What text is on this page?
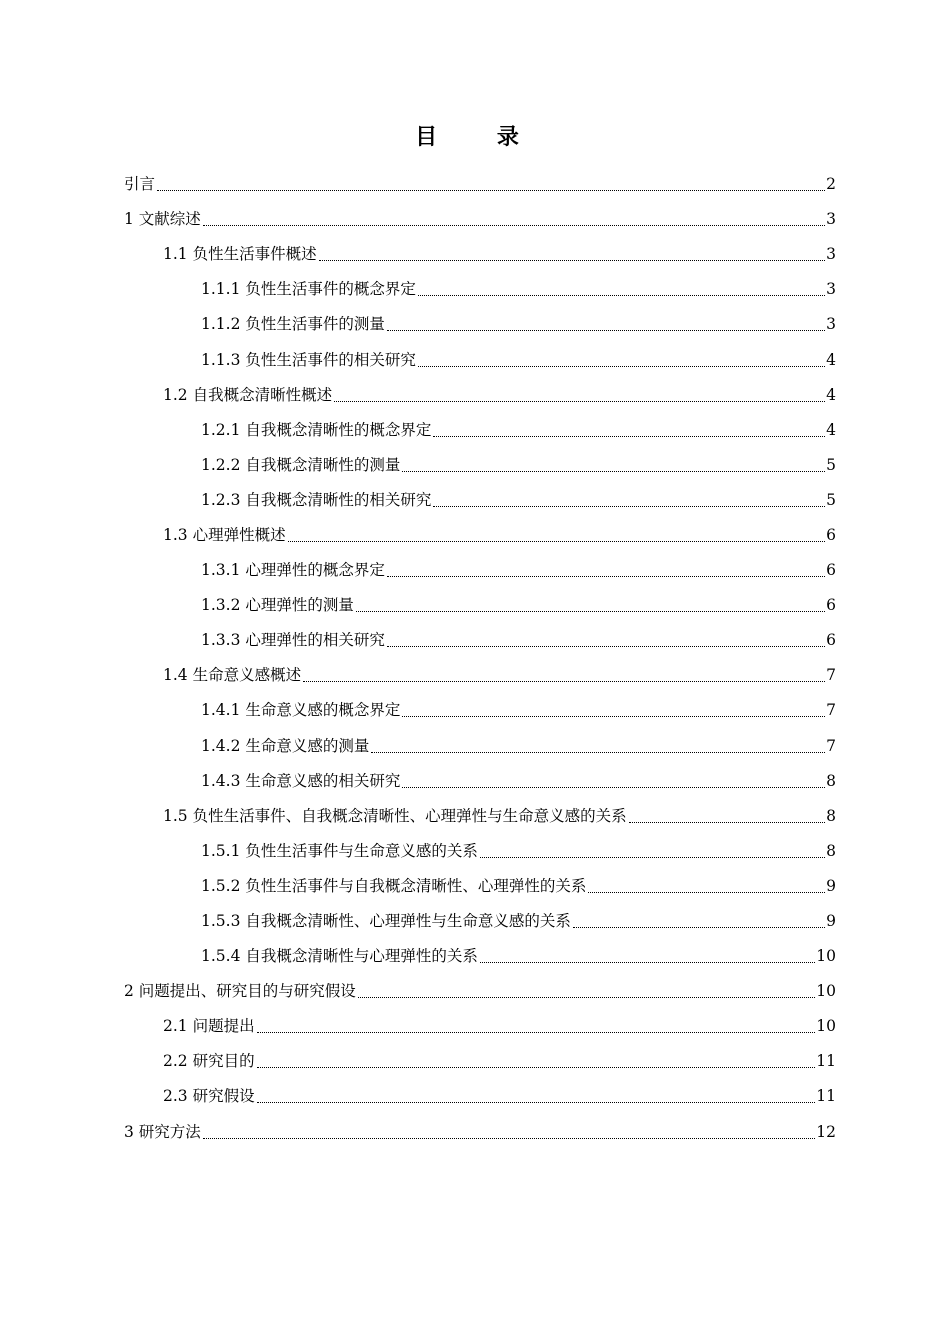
目 录
引言	2
1 文献综述	3
1.1 负性生活事件概述	3
1.1.1 负性生活事件的概念界定	3
1.1.2 负性生活事件的测量	3
1.1.3 负性生活事件的相关研究	4
1.2 自我概念清晰性概述	4
1.2.1 自我概念清晰性的概念界定	4
1.2.2 自我概念清晰性的测量	5
1.2.3 自我概念清晰性的相关研究	5
1.3 心理弹性概述	6
1.3.1 心理弹性的概念界定	6
1.3.2 心理弹性的测量	6
1.3.3 心理弹性的相关研究	6
1.4 生命意义感概述	7
1.4.1 生命意义感的概念界定	7
1.4.2 生命意义感的测量	7
1.4.3 生命意义感的相关研究	8
1.5 负性生活事件、自我概念清晰性、心理弹性与生命意义感的关系	8
1.5.1 负性生活事件与生命意义感的关系	8
1.5.2 负性生活事件与自我概念清晰性、心理弹性的关系	9
1.5.3 自我概念清晰性、心理弹性与生命意义感的关系	9
1.5.4 自我概念清晰性与心理弹性的关系	10
2 问题提出、研究目的与研究假设	10
2.1 问题提出	10
2.2 研究目的	11
2.3 研究假设	11
3 研究方法	12
